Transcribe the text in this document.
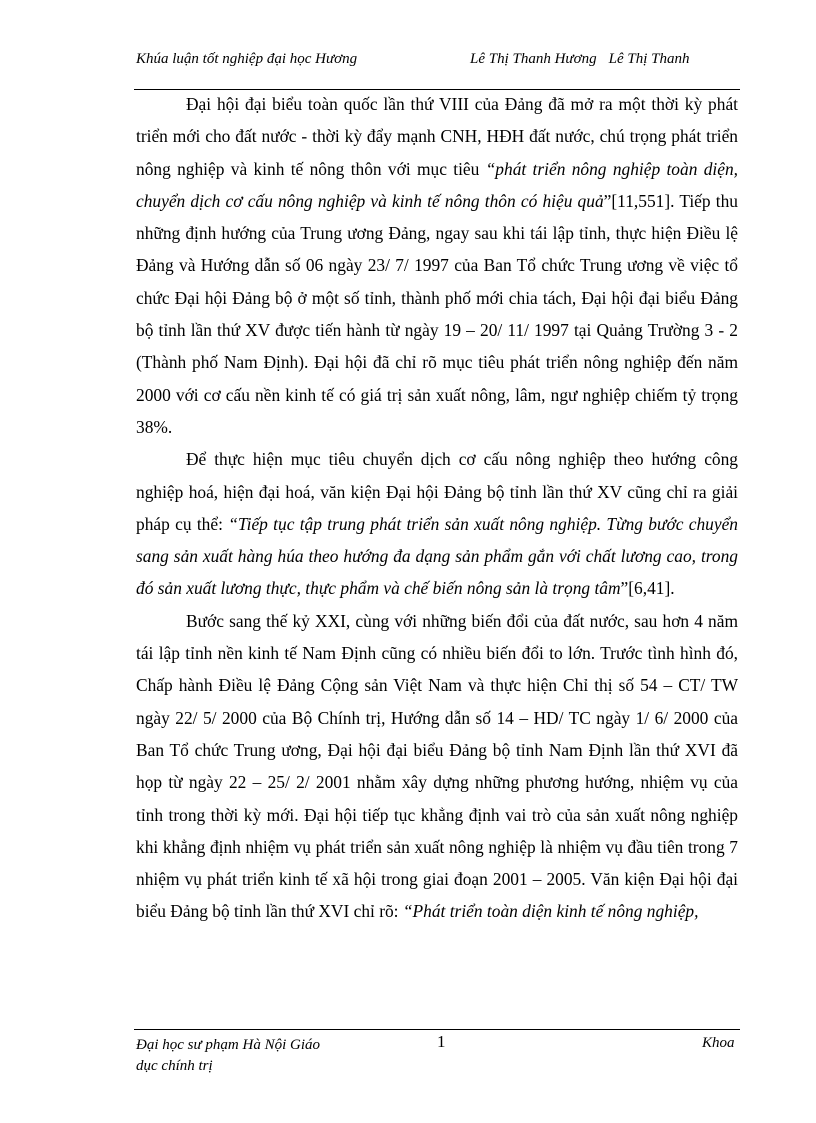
Khúa luận tốt nghiệp đại học Hương	Lê Thị Thanh Hương Lê Thị Thanh

Đại hội đại biểu toàn quốc lần thứ VIII của Đảng đã mở ra một thời kỳ phát triển mới cho đất nước - thời kỳ đẩy mạnh CNH, HĐH đất nước, chú trọng phát triển nông nghiệp và kinh tế nông thôn với mục tiêu “phát triển nông nghiệp toàn diện, chuyển dịch cơ cấu nông nghiệp và kinh tế nông thôn có hiệu quả”[11,551]. Tiếp thu những định hướng của Trung ương Đảng, ngay sau khi tái lập tỉnh, thực hiện Điều lệ Đảng và Hướng dẫn số 06 ngày 23/ 7/ 1997 của Ban Tổ chức Trung ương về việc tổ chức Đại hội Đảng bộ ở một số tỉnh, thành phố mới chia tách, Đại hội đại biểu Đảng bộ tỉnh lần thứ XV được tiến hành từ ngày 19 – 20/ 11/ 1997 tại Quảng Trường 3 - 2 (Thành phố Nam Định). Đại hội đã chỉ rõ mục tiêu phát triển nông nghiệp đến năm 2000 với cơ cấu nền kinh tế có giá trị sản xuất nông, lâm, ngư nghiệp chiếm tỷ trọng 38%.

Để thực hiện mục tiêu chuyển dịch cơ cấu nông nghiệp theo hướng công nghiệp hoá, hiện đại hoá, văn kiện Đại hội Đảng bộ tỉnh lần thứ XV cũng chỉ ra giải pháp cụ thể: “Tiếp tục tập trung phát triển sản xuất nông nghiệp. Từng bước chuyển sang sản xuất hàng húa theo hướng đa dạng sản phẩm gắn với chất lương cao, trong đó sản xuất lương thực, thực phẩm và chế biến nông sản là trọng tâm”[6,41].

Bước sang thế kỷ XXI, cùng với những biến đổi của đất nước, sau hơn 4 năm tái lập tỉnh nền kinh tế Nam Định cũng có nhiều biến đổi to lớn. Trước tình hình đó, Chấp hành Điều lệ Đảng Cộng sản Việt Nam và thực hiện Chỉ thị số 54 – CT/ TW ngày 22/ 5/ 2000 của Bộ Chính trị, Hướng dẫn số 14 – HD/ TC ngày 1/ 6/ 2000 của Ban Tổ chức Trung ương, Đại hội đại biểu Đảng bộ tỉnh Nam Định lần thứ XVI đã họp từ ngày 22 – 25/ 2/ 2001 nhằm xây dựng những phương hướng, nhiệm vụ của tỉnh trong thời kỳ mới. Đại hội tiếp tục khẳng định vai trò của sản xuất nông nghiệp khi khẳng định nhiệm vụ phát triển sản xuất nông nghiệp là nhiệm vụ đầu tiên trong 7 nhiệm vụ phát triển kinh tế xã hội trong giai đoạn 2001 – 2005. Văn kiện Đại hội đại biểu Đảng bộ tỉnh lần thứ XVI chỉ rõ: “Phát triển toàn diện kinh tế nông nghiệp,

Đại học sư phạm Hà Nội Giáo dục chính trị
1	Khoa
